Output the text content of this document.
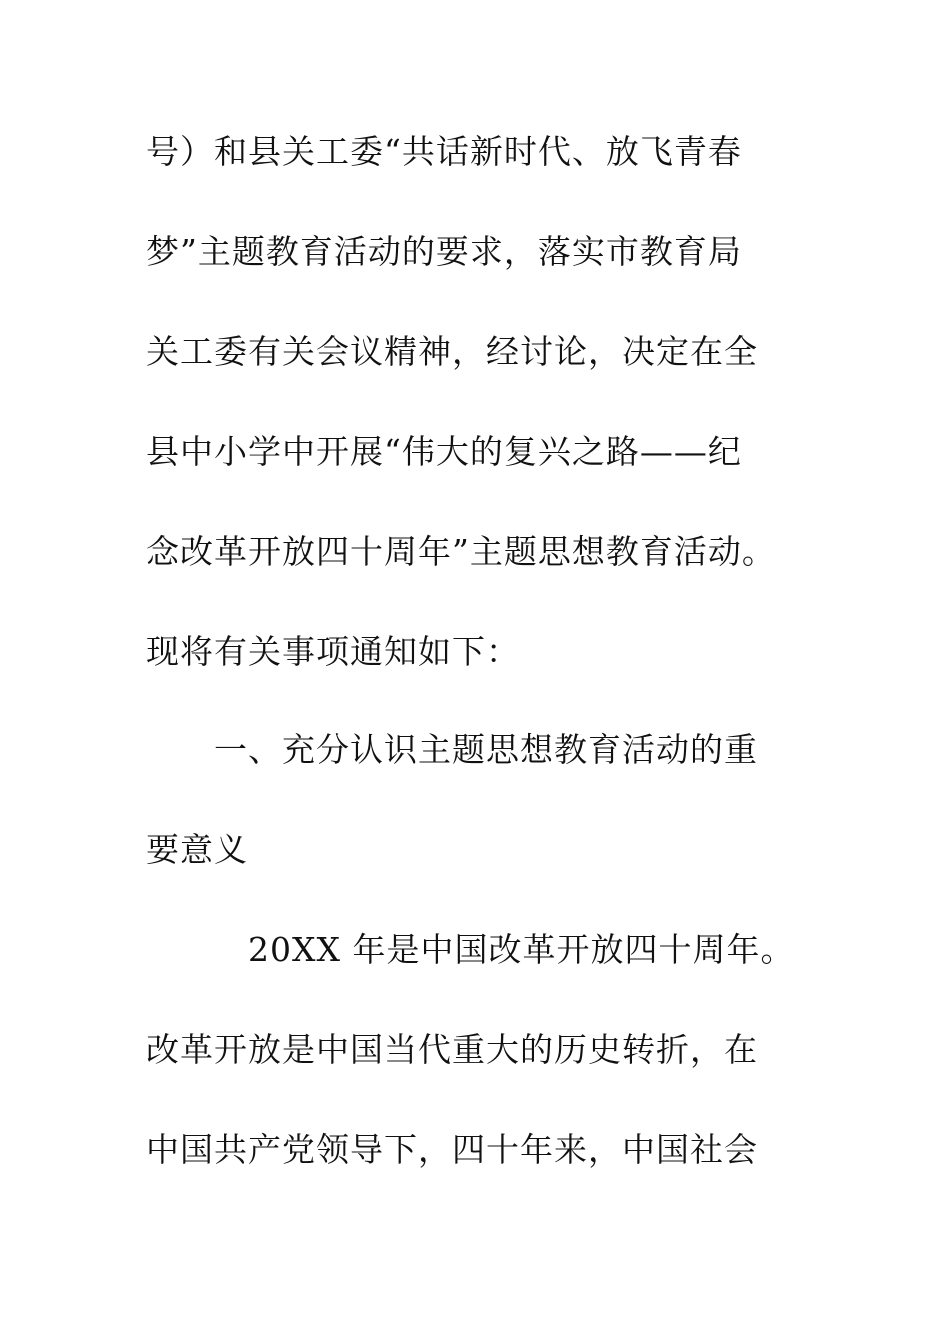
号）和县关工委“共话新时代、放飞青春
梦”主题教育活动的要求，落实市教育局
关工委有关会议精神，经讨论，决定在全
县中小学中开展“伟大的复兴之路——纪
念改革开放四十周年”主题思想教育活动。
现将有关事项通知如下：
一、充分认识主题思想教育活动的重
要意义
20XX 年是中国改革开放四十周年。
改革开放是中国当代重大的历史转折，在
中国共产党领导下，四十年来，中国社会
